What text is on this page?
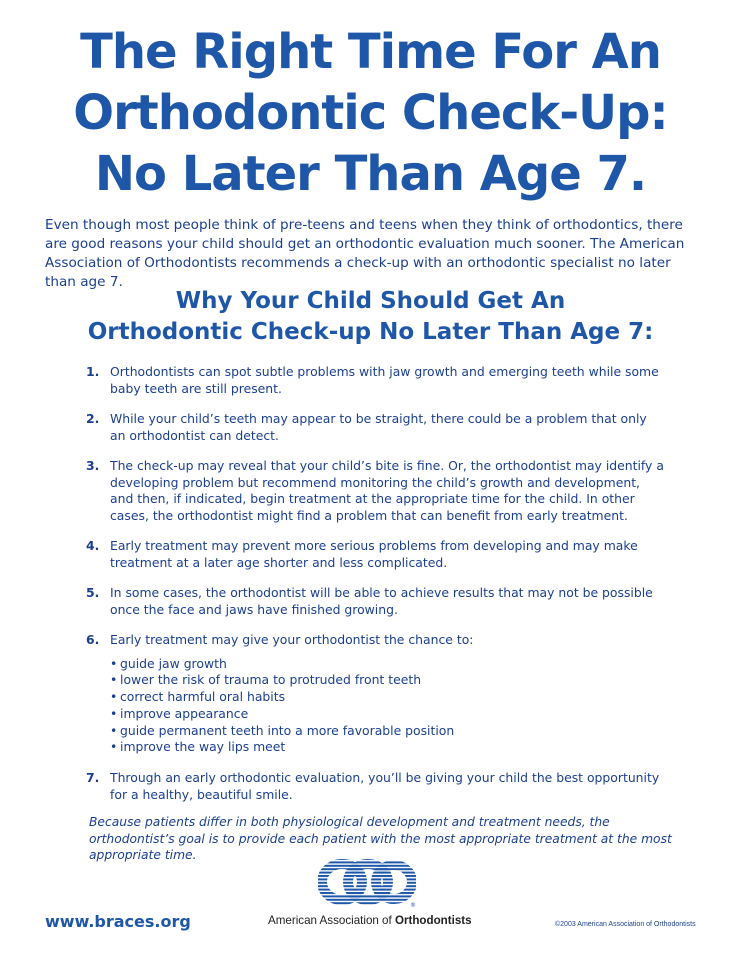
The Right Time For An
Orthodontic Check-Up:
No Later Than Age 7.

Even though most people think of pre-teens and teens when they think of orthodontics, there are good reasons your child should get an orthodontic evaluation much sooner. The American Association of Orthodontists recommends a check-up with an orthodontic specialist no later than age 7.

Why Your Child Should Get An
Orthodontic Check-up No Later Than Age 7:
1. Orthodontists can spot subtle problems with jaw growth and emerging teeth while some baby teeth are still present.
2. While your child’s teeth may appear to be straight, there could be a problem that only an orthodontist can detect.
3. The check-up may reveal that your child’s bite is fine. Or, the orthodontist may identify a developing problem but recommend monitoring the child’s growth and development, and then, if indicated, begin treatment at the appropriate time for the child. In other cases, the orthodontist might find a problem that can benefit from early treatment.
4. Early treatment may prevent more serious problems from developing and may make treatment at a later age shorter and less complicated.
5. In some cases, the orthodontist will be able to achieve results that may not be possible once the face and jaws have finished growing.
6. Early treatment may give your orthodontist the chance to:
• guide jaw growth
• lower the risk of trauma to protruded front teeth
• correct harmful oral habits
• improve appearance
• guide permanent teeth into a more favorable position
• improve the way lips meet
7. Through an early orthodontic evaluation, you’ll be giving your child the best opportunity for a healthy, beautiful smile.

Because patients differ in both physiological development and treatment needs, the orthodontist’s goal is to provide each patient with the most appropriate treatment at the most appropriate time.

®
American Association of Orthodontists
www.braces.org	©2003 American Association of Orthodontists
